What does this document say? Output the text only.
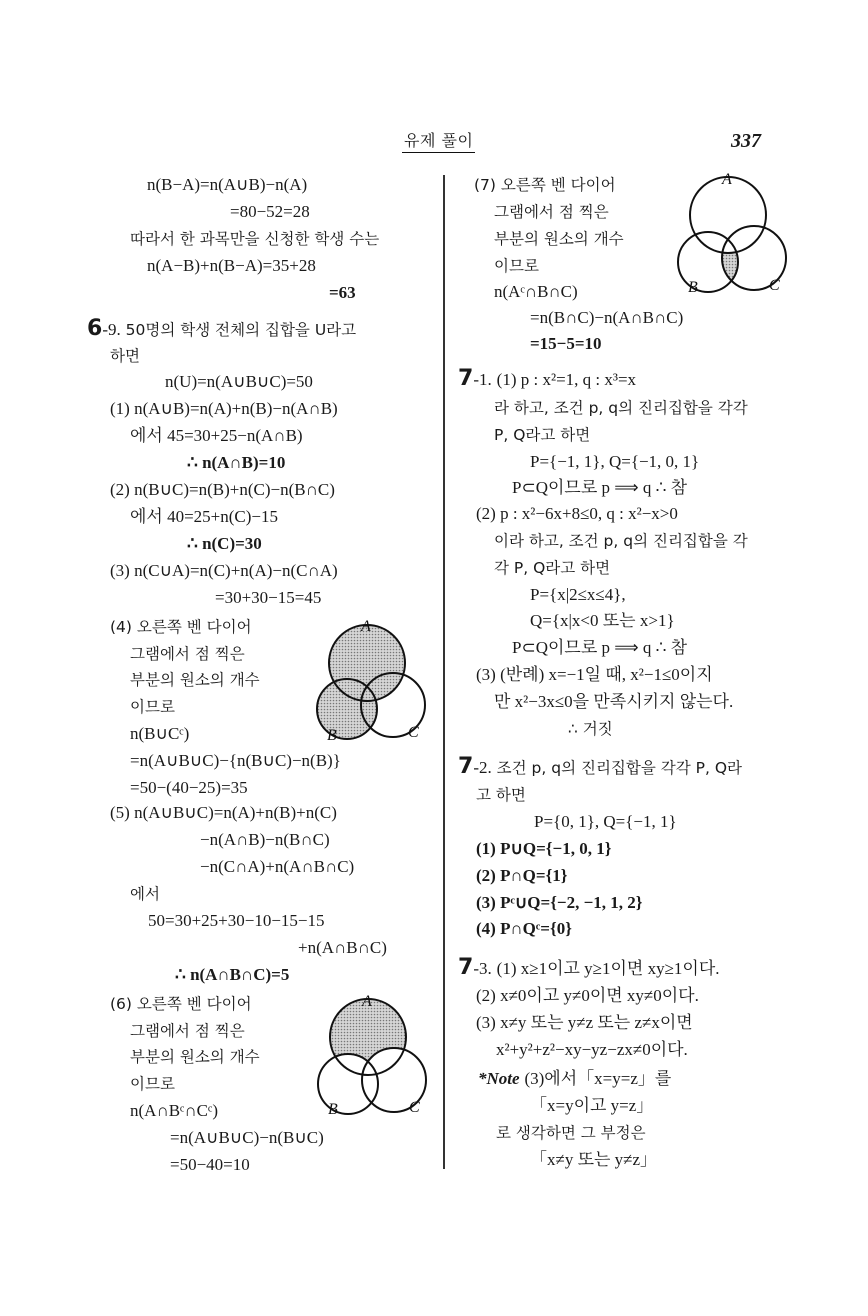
유제 풀이	337
n(B−A)=n(A∪B)−n(A)
=80−52=28
따라서 한 과목만을 신청한 학생 수는
n(A−B)+n(B−A)=35+28
=63
6-9. 50명의 학생 전체의 집합을 U라고
하면
n(U)=n(A∪B∪C)=50
(1) n(A∪B)=n(A)+n(B)−n(A∩B)
에서 45=30+25−n(A∩B)
∴ n(A∩B)=10
(2) n(B∪C)=n(B)+n(C)−n(B∩C)
에서 40=25+n(C)−15
∴ n(C)=30
(3) n(C∪A)=n(C)+n(A)−n(C∩A)
=30+30−15=45
(4) 오른쪽 벤 다이어
그램에서 점 찍은
부분의 원소의 개수
이므로
n(B∪Cᶜ)
=n(A∪B∪C)−{n(B∪C)−n(B)}
=50−(40−25)=35
A
B	C
(5) n(A∪B∪C)=n(A)+n(B)+n(C)
−n(A∩B)−n(B∩C)
−n(C∩A)+n(A∩B∩C)
에서
50=30+25+30−10−15−15
+n(A∩B∩C)
∴ n(A∩B∩C)=5
(6) 오른쪽 벤 다이어
그램에서 점 찍은
부분의 원소의 개수
이므로
n(A∩Bᶜ∩Cᶜ)
=n(A∪B∪C)−n(B∪C)
=50−40=10
A
B	C
(7) 오른쪽 벤 다이어
그램에서 점 찍은
부분의 원소의 개수
이므로
n(Aᶜ∩B∩C)
=n(B∩C)−n(A∩B∩C)
=15−5=10
A
B	C
7-1. (1) p : x²=1, q : x³=x
라 하고, 조건 p, q의 진리집합을 각각
P, Q라고 하면
P={−1, 1}, Q={−1, 0, 1}
P⊂Q이므로 p ⟹ q ∴ 참
(2) p : x²−6x+8≤0, q : x²−x>0
이라 하고, 조건 p, q의 진리집합을 각
각 P, Q라고 하면
P={x|2≤x≤4},
Q={x|x<0 또는 x>1}
P⊂Q이므로 p ⟹ q ∴ 참
(3) (반례) x=−1일 때, x²−1≤0이지
만 x²−3x≤0을 만족시키지 않는다.
∴ 거짓
7-2. 조건 p, q의 진리집합을 각각 P, Q라
고 하면
P={0, 1}, Q={−1, 1}
(1) P∪Q={−1, 0, 1}
(2) P∩Q={1}
(3) Pᶜ∪Q={−2, −1, 1, 2}
(4) P∩Qᶜ={0}
7-3. (1) x≥1이고 y≥1이면 xy≥1이다.
(2) x≠0이고 y≠0이면 xy≠0이다.
(3) x≠y 또는 y≠z 또는 z≠x이면
x²+y²+z²−xy−yz−zx≠0이다.
*Note (3)에서「x=y=z」를
「x=y이고 y=z」
로 생각하면 그 부정은
「x≠y 또는 y≠z」
